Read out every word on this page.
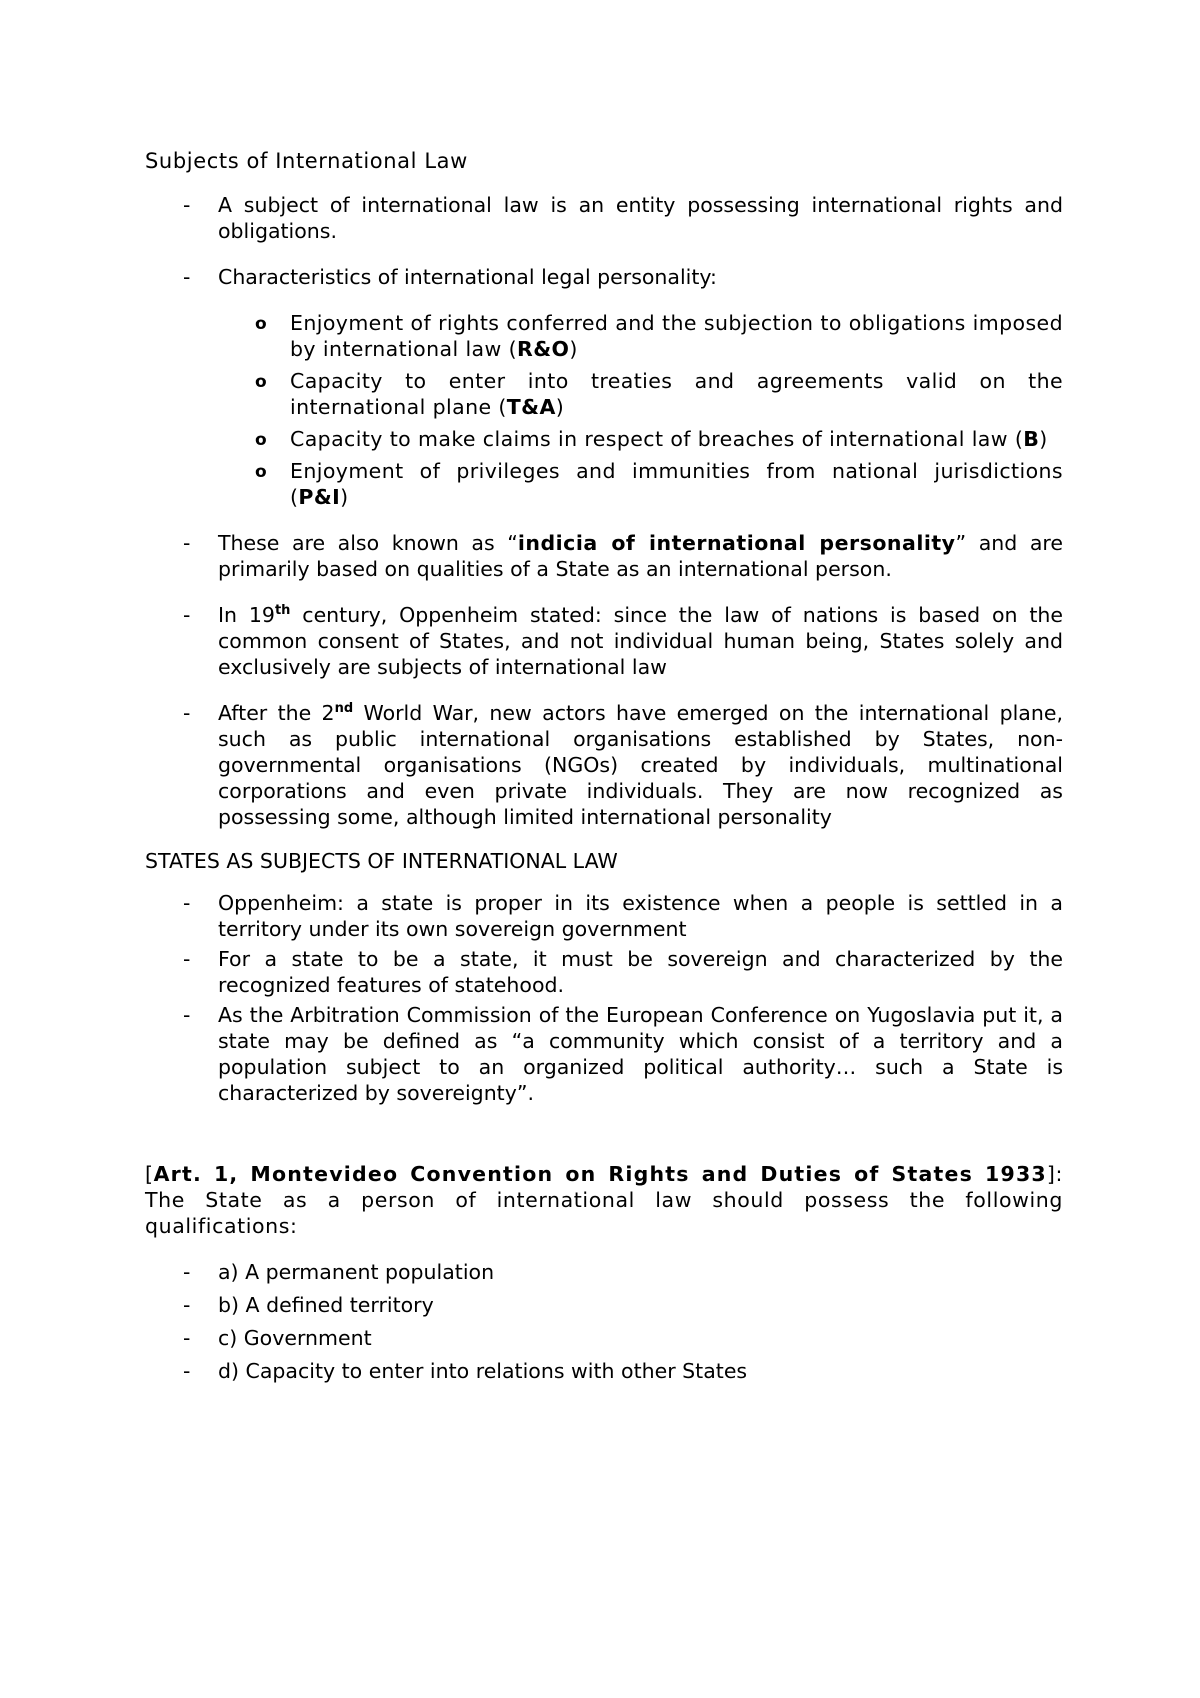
Subjects of International Law
- A subject of international law is an entity possessing international rights and obligations.
- Characteristics of international legal personality:
o Enjoyment of rights conferred and the subjection to obligations imposed by international law (R&O)
o Capacity to enter into treaties and agreements valid on the international plane (T&A)
o Capacity to make claims in respect of breaches of international law (B)
o Enjoyment of privileges and immunities from national jurisdictions (P&I)
- These are also known as “indicia of international personality” and are primarily based on qualities of a State as an international person.
- In 19th century, Oppenheim stated: since the law of nations is based on the common consent of States, and not individual human being, States solely and exclusively are subjects of international law
- After the 2nd World War, new actors have emerged on the international plane, such as public international organisations established by States, non-governmental organisations (NGOs) created by individuals, multinational corporations and even private individuals. They are now recognized as possessing some, although limited international personality
STATES AS SUBJECTS OF INTERNATIONAL LAW
- Oppenheim: a state is proper in its existence when a people is settled in a territory under its own sovereign government
- For a state to be a state, it must be sovereign and characterized by the recognized features of statehood.
- As the Arbitration Commission of the European Conference on Yugoslavia put it, a state may be defined as “a community which consist of a territory and a population subject to an organized political authority… such a State is characterized by sovereignty”.

[Art. 1, Montevideo Convention on Rights and Duties of States 1933]: The State as a person of international law should possess the following qualifications:

- a) A permanent population
- b) A defined territory
- c) Government
- d) Capacity to enter into relations with other States
